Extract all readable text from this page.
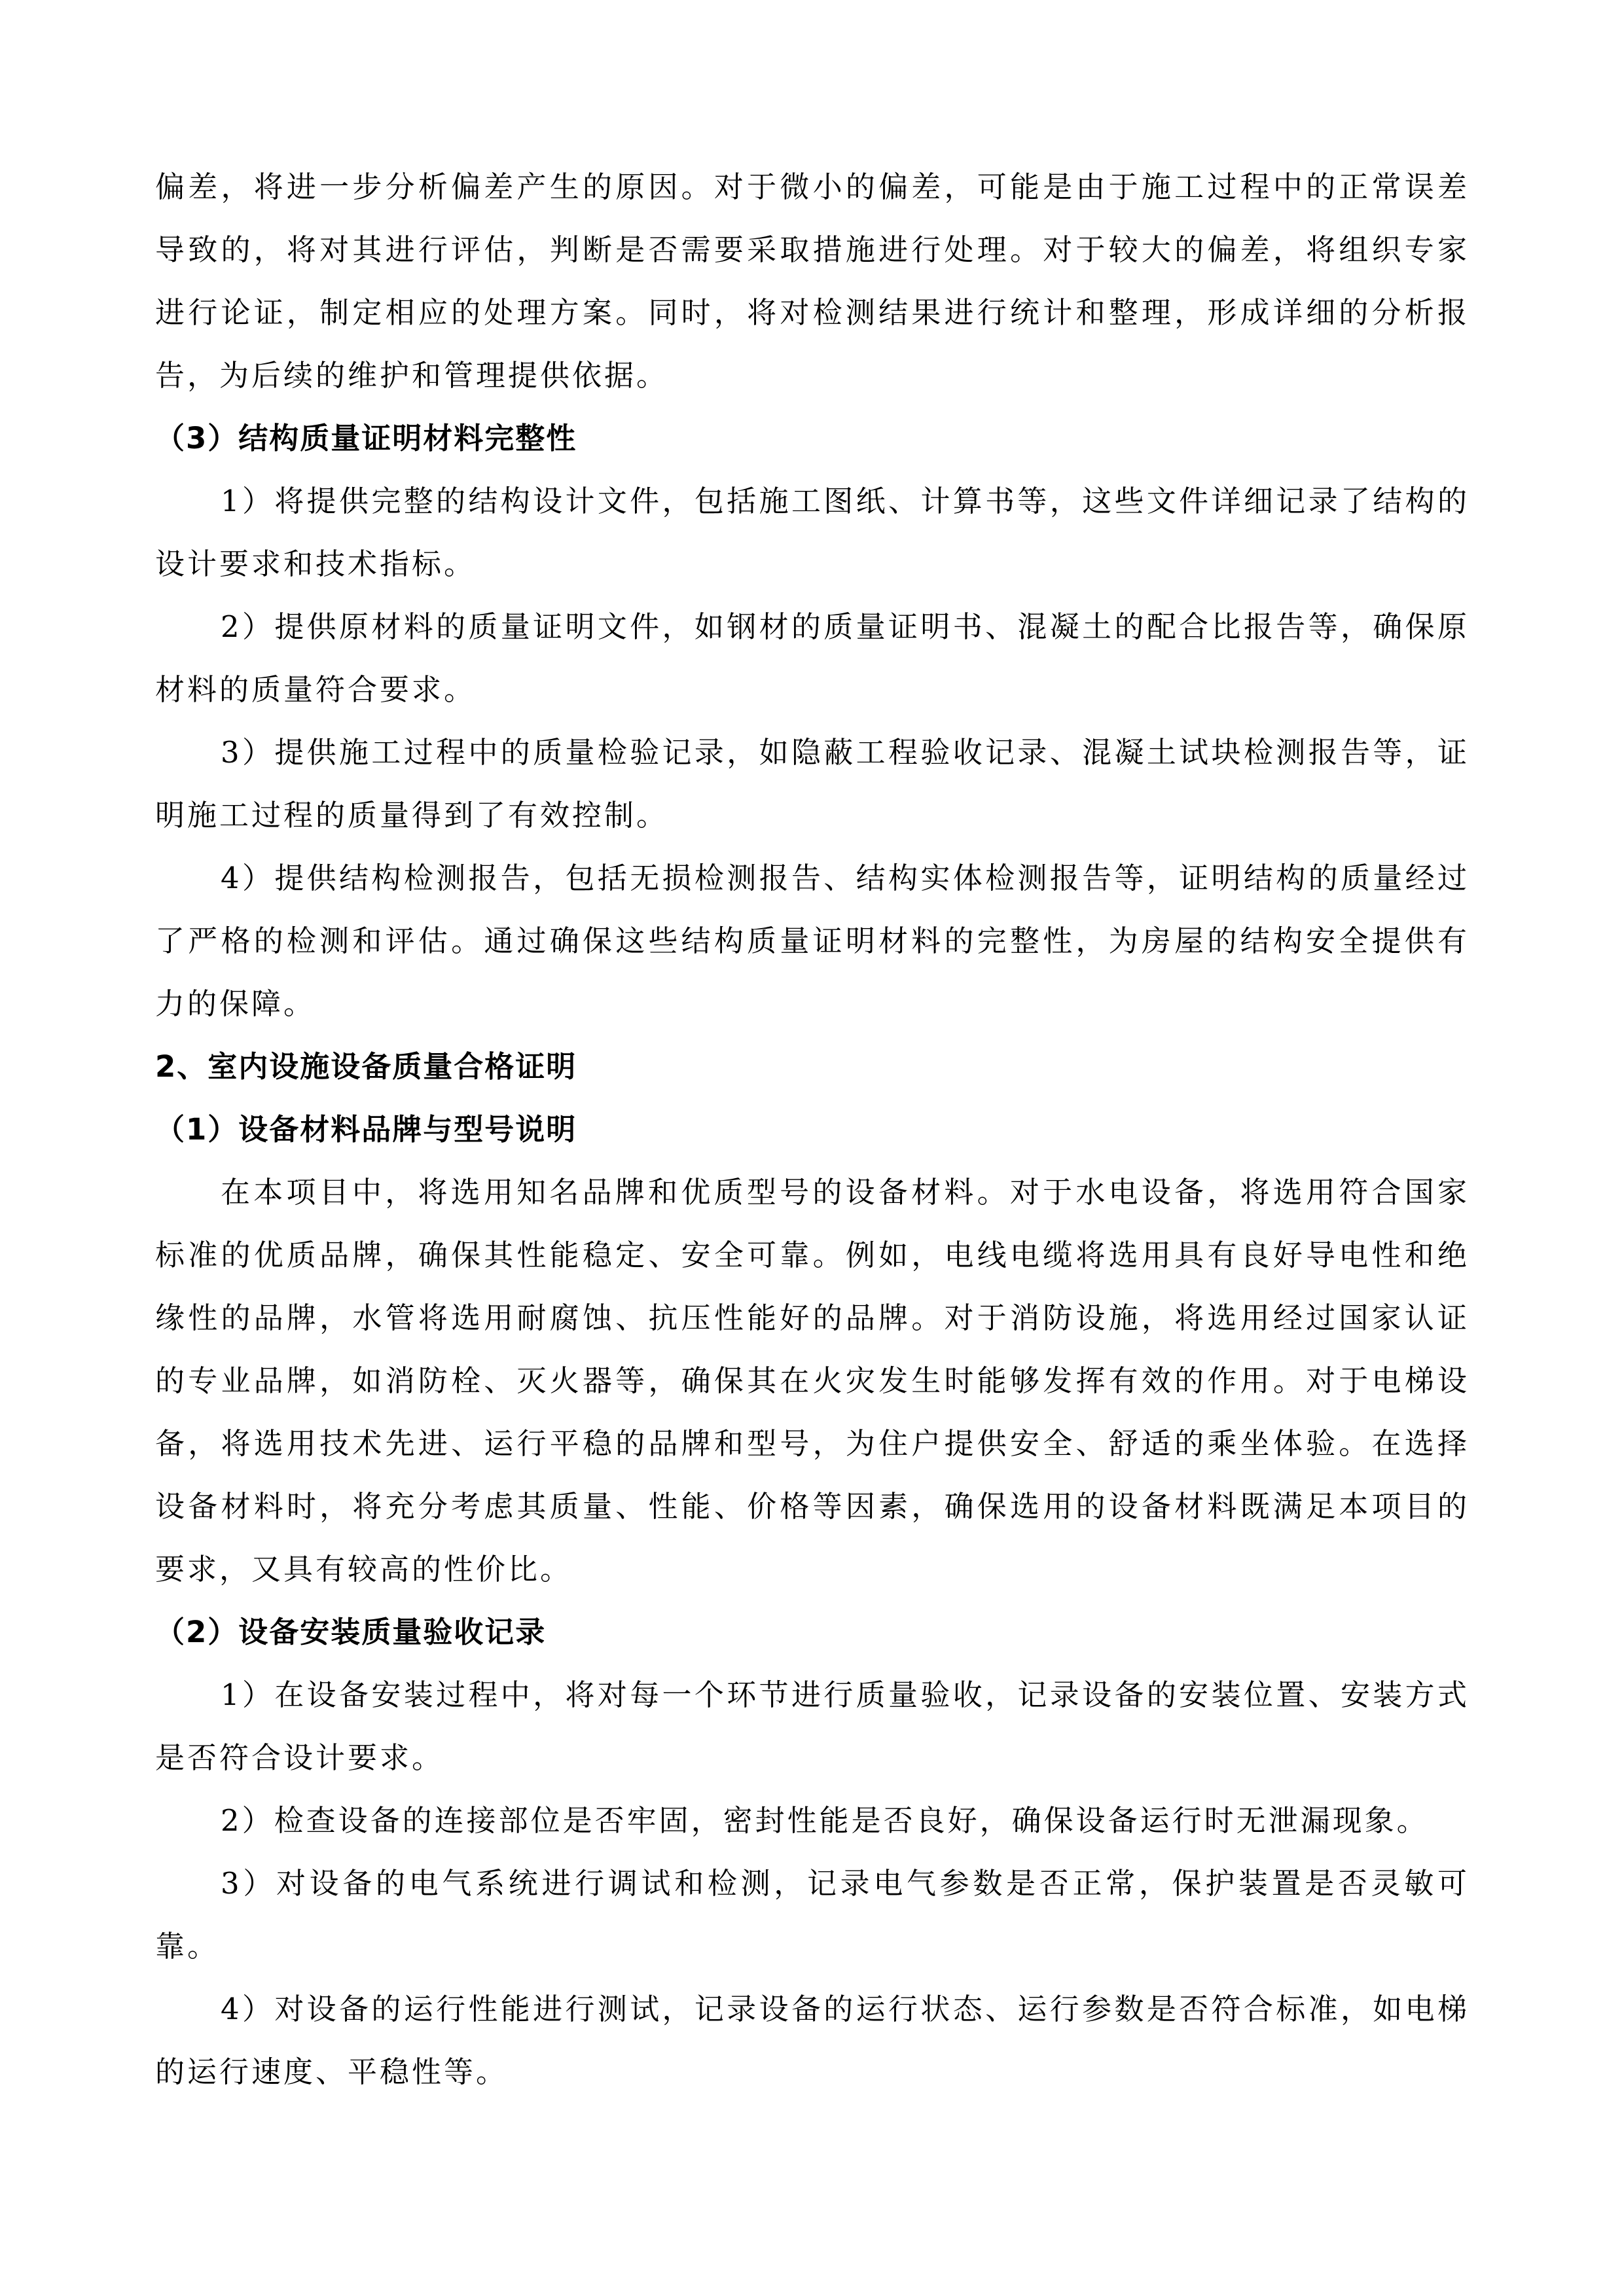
偏差，将进一步分析偏差产生的原因。对于微小的偏差，可能是由于施工过程中的正常误差导致的，将对其进行评估，判断是否需要采取措施进行处理。对于较大的偏差，将组织专家进行论证，制定相应的处理方案。同时，将对检测结果进行统计和整理，形成详细的分析报告，为后续的维护和管理提供依据。

（3）结构质量证明材料完整性

1）将提供完整的结构设计文件，包括施工图纸、计算书等，这些文件详细记录了结构的设计要求和技术指标。

2）提供原材料的质量证明文件，如钢材的质量证明书、混凝土的配合比报告等，确保原材料的质量符合要求。

3）提供施工过程中的质量检验记录，如隐蔽工程验收记录、混凝土试块检测报告等，证明施工过程的质量得到了有效控制。

4）提供结构检测报告，包括无损检测报告、结构实体检测报告等，证明结构的质量经过了严格的检测和评估。通过确保这些结构质量证明材料的完整性，为房屋的结构安全提供有力的保障。

2、室内设施设备质量合格证明
（1）设备材料品牌与型号说明

在本项目中，将选用知名品牌和优质型号的设备材料。对于水电设备，将选用符合国家标准的优质品牌，确保其性能稳定、安全可靠。例如，电线电缆将选用具有良好导电性和绝缘性的品牌，水管将选用耐腐蚀、抗压性能好的品牌。对于消防设施，将选用经过国家认证的专业品牌，如消防栓、灭火器等，确保其在火灾发生时能够发挥有效的作用。对于电梯设备，将选用技术先进、运行平稳的品牌和型号，为住户提供安全、舒适的乘坐体验。在选择设备材料时，将充分考虑其质量、性能、价格等因素，确保选用的设备材料既满足本项目的要求，又具有较高的性价比。

（2）设备安装质量验收记录

1）在设备安装过程中，将对每一个环节进行质量验收，记录设备的安装位置、安装方式是否符合设计要求。

2）检查设备的连接部位是否牢固，密封性能是否良好，确保设备运行时无泄漏现象。

3）对设备的电气系统进行调试和检测，记录电气参数是否正常，保护装置是否灵敏可靠。

4）对设备的运行性能进行测试，记录设备的运行状态、运行参数是否符合标准，如电梯的运行速度、平稳性等。
